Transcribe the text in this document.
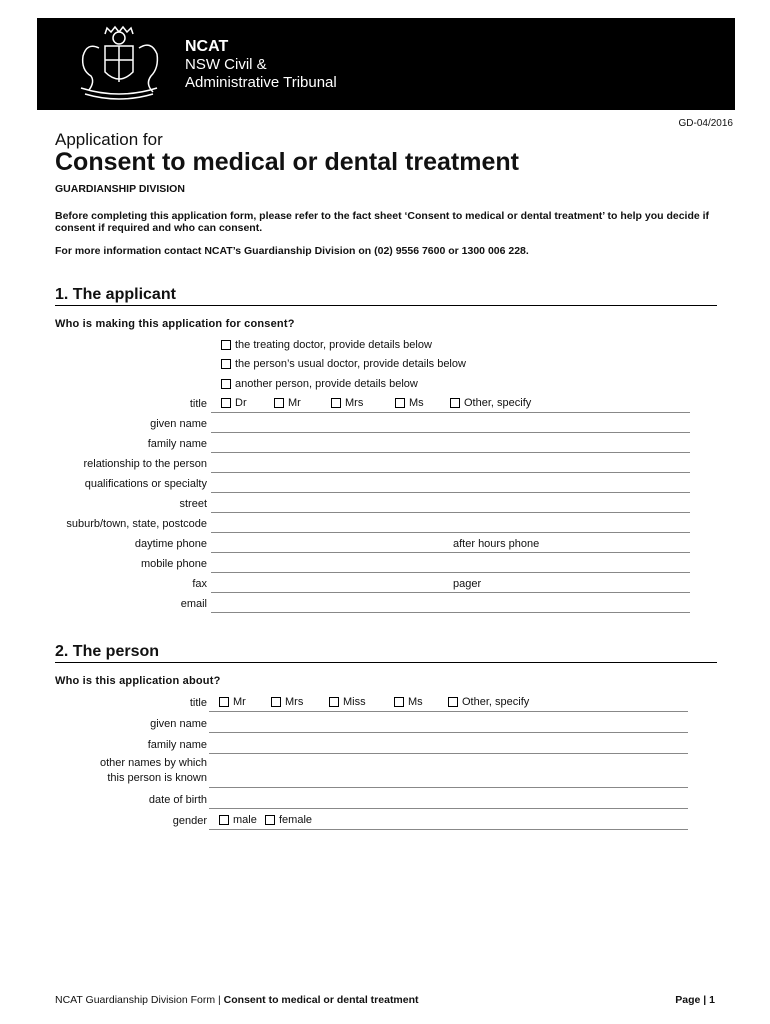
NCAT
NSW Civil &
Administrative Tribunal
GD-04/2016
Application for
Consent to medical or dental treatment
GUARDIANSHIP DIVISION
Before completing this application form, please refer to the fact sheet ‘Consent to medical or dental treatment’ to help you decide if consent if required and who can consent.
For more information contact NCAT’s Guardianship Division on (02) 9556 7600 or 1300 006 228.
1. The applicant
Who is making this application for consent?
the treating doctor, provide details below
the person’s usual doctor, provide details below
another person, provide details below
title	Dr	Mr	Mrs	Ms	Other, specify
given name
family name
relationship to the person
qualifications or specialty
street
suburb/town, state, postcode
daytime phone	after hours phone
mobile phone
fax	pager
email
2. The person
Who is this application about?
title Mr	Mrs	Miss	Ms	Other, specify
given name
family name
other names by which
this person is known
date of birth
gender male female
NCAT Guardianship Division Form | Consent to medical or dental treatment	Page | 1
